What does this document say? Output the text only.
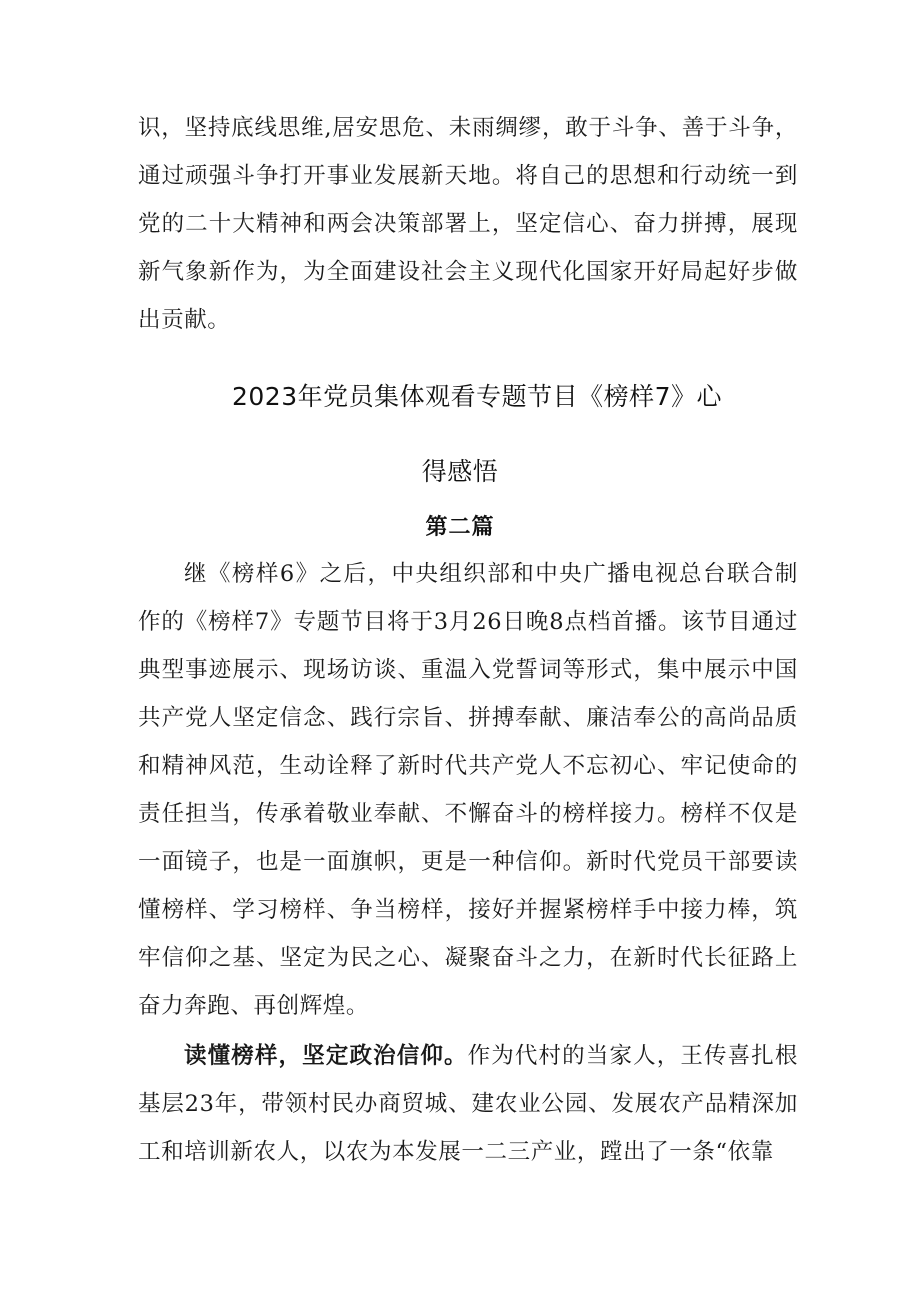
识，坚持底线思维,居安思危、未雨绸缪，敢于斗争、善于斗争，通过顽强斗争打开事业发展新天地。将自己的思想和行动统一到党的二十大精神和两会决策部署上，坚定信心、奋力拼搏，展现新气象新作为，为全面建设社会主义现代化国家开好局起好步做出贡献。

2023年党员集体观看专题节目《榜样7》心
得感悟
第二篇

继《榜样6》之后，中央组织部和中央广播电视总台联合制作的《榜样7》专题节目将于3月26日晚8点档首播。该节目通过典型事迹展示、现场访谈、重温入党誓词等形式，集中展示中国共产党人坚定信念、践行宗旨、拼搏奉献、廉洁奉公的高尚品质和精神风范，生动诠释了新时代共产党人不忘初心、牢记使命的责任担当，传承着敬业奉献、不懈奋斗的榜样接力。榜样不仅是一面镜子，也是一面旗帜，更是一种信仰。新时代党员干部要读懂榜样、学习榜样、争当榜样，接好并握紧榜样手中接力棒，筑牢信仰之基、坚定为民之心、凝聚奋斗之力，在新时代长征路上奋力奔跑、再创辉煌。

读懂榜样，坚定政治信仰。作为代村的当家人，王传喜扎根基层23年，带领村民办商贸城、建农业公园、发展农产品精深加工和培训新农人，以农为本发展一二三产业，蹚出了一条“依靠
